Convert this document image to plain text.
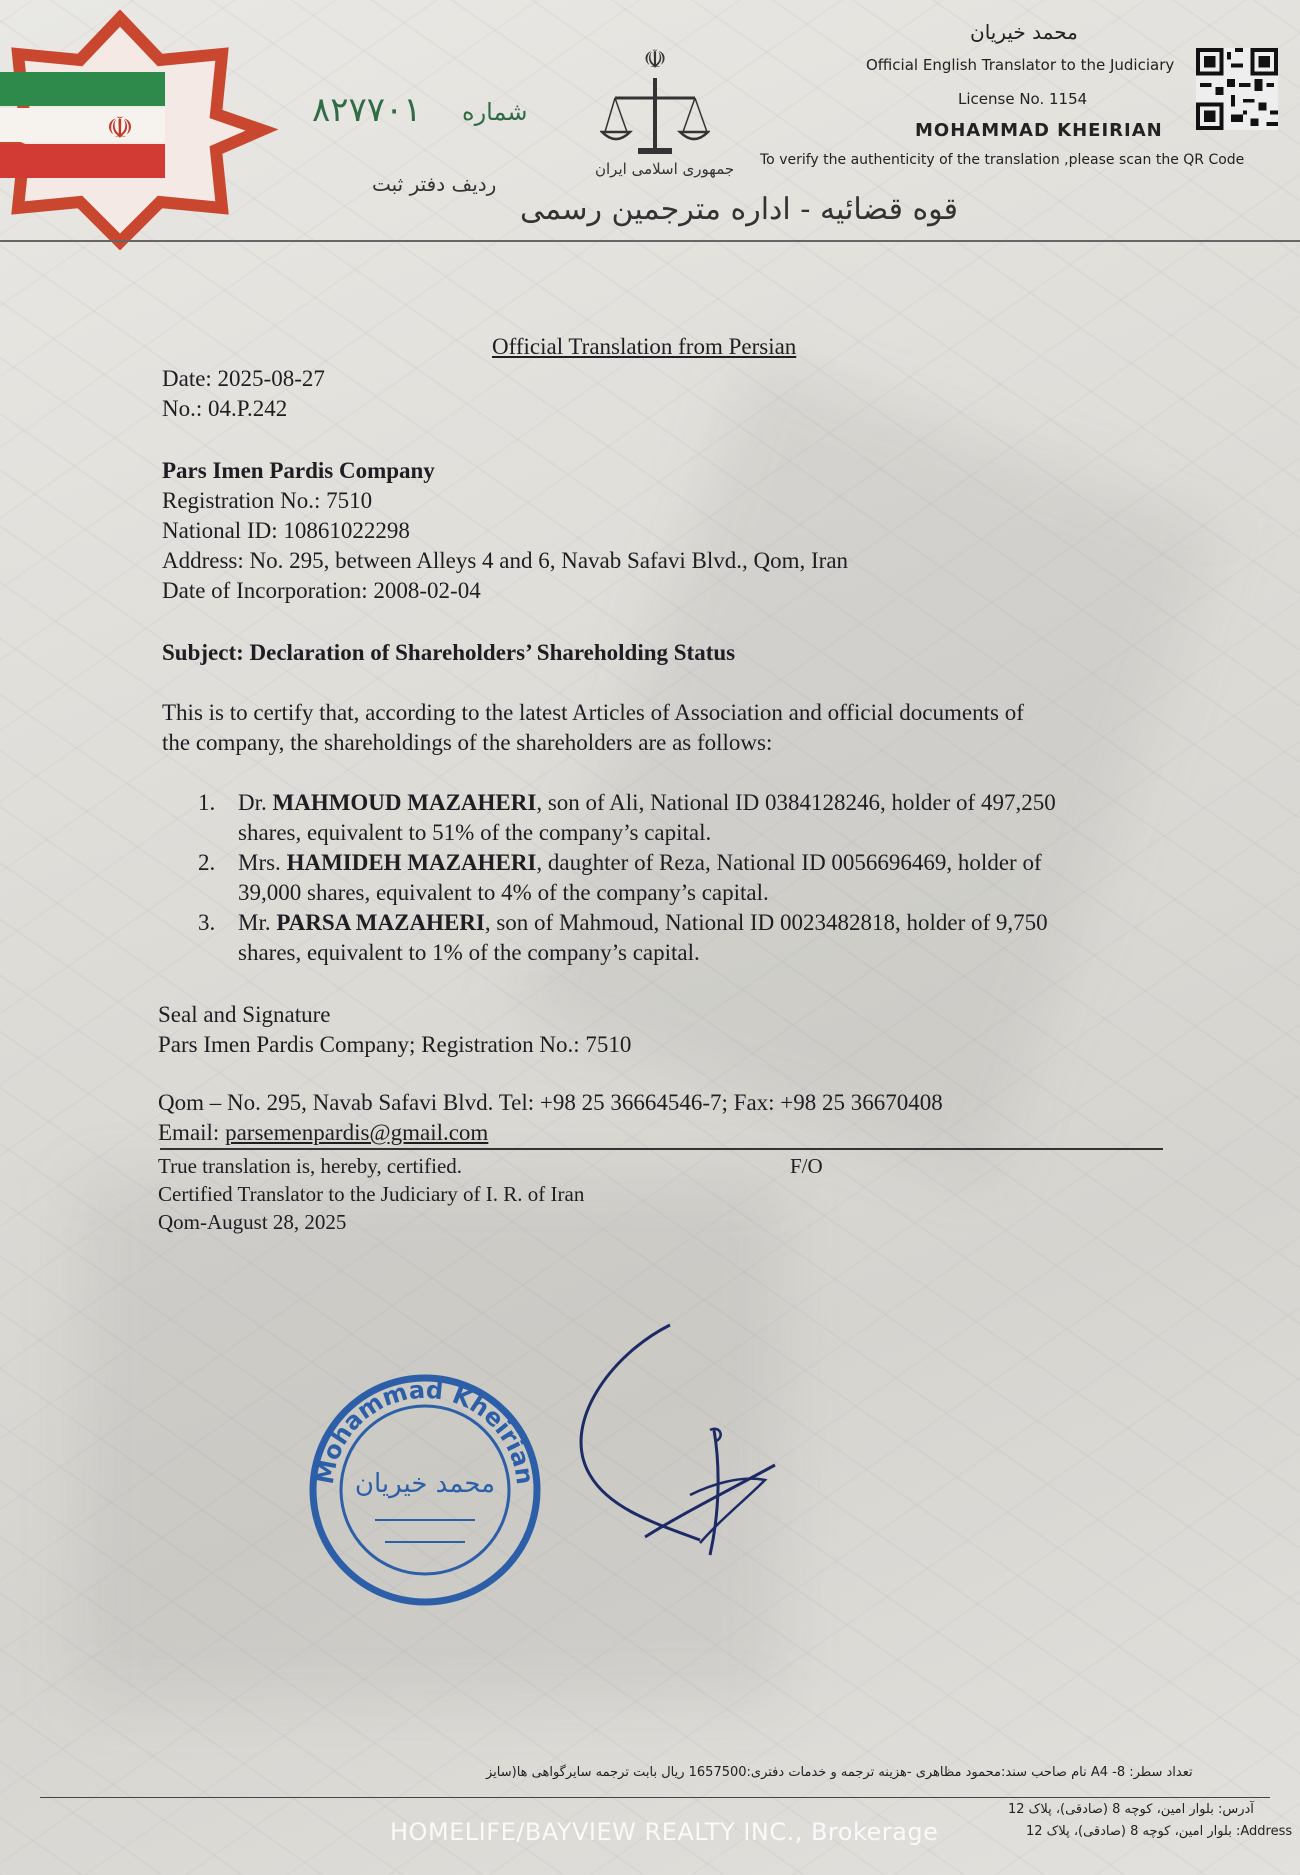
☫	۸۲۷۷۰۱ شماره
ردیف دفتر ثبت
☫
جمهوری اسلامی ایران
قوه قضائیه - اداره مترجمین رسمی
محمد خیریان
Official English Translator to the Judiciary
License No. 1154
MOHAMMAD KHEIRIAN
To verify the authenticity of the translation ,please scan the QR Code
Official Translation from Persian
Date: 2025-08-27
No.: 04.P.242
Pars Imen Pardis Company
Registration No.: 7510
National ID: 10861022298
Address: No. 295, between Alleys 4 and 6, Navab Safavi Blvd., Qom, Iran
Date of Incorporation: 2008-02-04
Subject: Declaration of Shareholders’ Shareholding Status
This is to certify that, according to the latest Articles of Association and official documents of
the company, the shareholdings of the shareholders are as follows:
1. Dr. MAHMOUD MAZAHERI, son of Ali, National ID 0384128246, holder of 497,250
shares, equivalent to 51% of the company’s capital.
2. Mrs. HAMIDEH MAZAHERI, daughter of Reza, National ID 0056696469, holder of
39,000 shares, equivalent to 4% of the company’s capital.
3. Mr. PARSA MAZAHERI, son of Mahmoud, National ID 0023482818, holder of 9,750
shares, equivalent to 1% of the company’s capital.
Seal and Signature
Pars Imen Pardis Company; Registration No.: 7510
Qom – No. 295, Navab Safavi Blvd. Tel: +98 25 36664546-7; Fax: +98 25 36670408
Email: parsemenpardis@gmail.com
True translation is, hereby, certified.	F/O
Certified Translator to the Judiciary of I. R. of Iran
Qom-August 28, 2025
Mohammad Kheirian
محمد خیریان
نام صاحب سند:محمود مظاهری -هزینه ترجمه و خدمات دفتری:1657500 ریال بابت ترجمه سایرگواهی ها(سایز A4 -تعداد سطر: 8
آدرس: بلوار امین، کوچه 8 (صادقی)، پلاک 12
بلوار امین، کوچه 8 (صادقی)، پلاک 12 :Address
HOMELIFE/BAYVIEW REALTY INC., Brokerage
